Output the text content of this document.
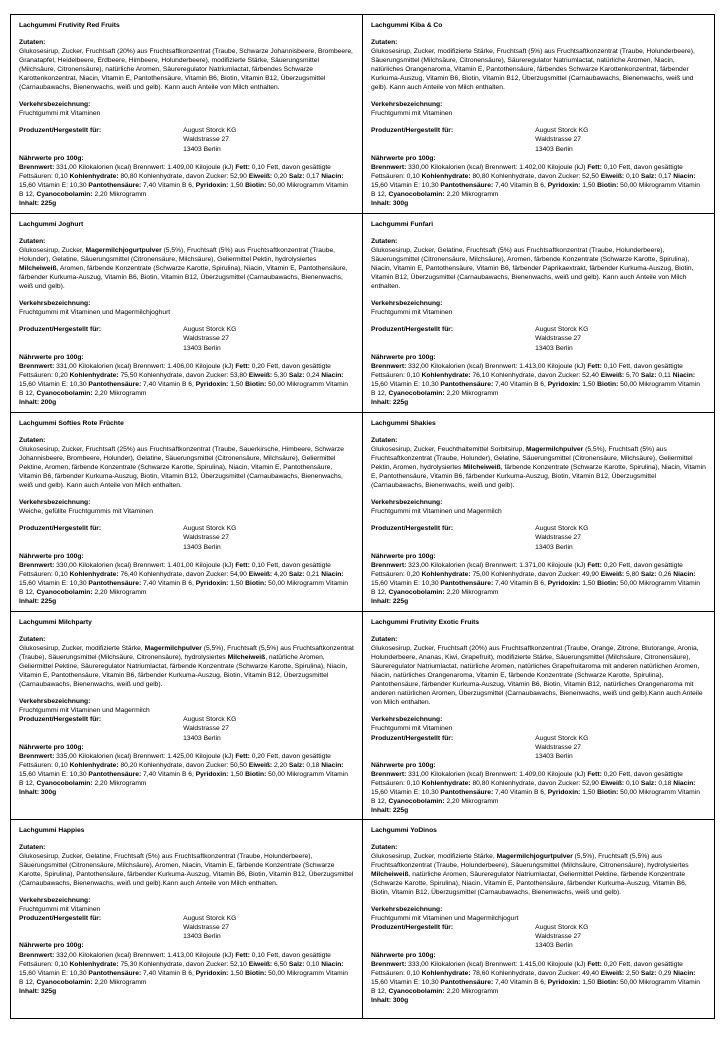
Lachgummi Frutivity Red Fruits
Zutaten:
Glukosesirup, Zucker, Fruchtsaft (20%) aus Fruchtsaftkonzentrat (Traube, Schwarze Johannisbeere, Brombeere, Granatapfel, Heidelbeere, Erdbeere, Himbeere, Holunderbeere), modifizierte Stärke, Säuerungsmittel (Milchsäure, Citronensäure), natürliche Aromen, Säureregulator Natriumlactat, färbendes Schwarze Karottenkonzentrat, Niacin, Vitamin E, Pantothensäure, Vitamin B6, Biotin, Vitamin B12, Überzugsmittel (Carnaubawachs, Bienenwachs, weiß und gelb). Kann auch Anteile von Milch enthalten.
Verkehrsbezeichnung:
Fruchtgummi mit Vitaminen
Produzent/Hergestellt für:	August Storck KG
Waldstrasse 27
13403 Berlin
Nährwerte pro 100g:
Brennwert: 331,00 Kilokalorien (kcal) Brennwert: 1.409,00 Kilojoule (kJ) Fett: 0,10 Fett, davon gesättigte Fettsäuren: 0,10 Kohlenhydrate: 80,80 Kohlenhydrate, davon Zucker: 52,90 Eiweiß: 0,20 Salz: 0,17 Niacin: 15,60 Vitamin E: 10,30 Pantothensäure: 7,40 Vitamin B 6, Pyridoxin: 1,50 Biotin: 50,00 Mikrogramm Vitamin B 12, Cyanocobolamin: 2,20 Mikrogramm
Inhalt: 225g
Lachgummi Kiba & Co
Zutaten:
Glukosesirup, Zucker, modifizierte Stärke, Fruchtsaft (5%) aus Fruchtsaftkonzentrat (Traube, Holunderbeere), Säuerungsmittel (Milchsäure, Citronensäure), Säureregulator Natriumlactat, natürliche Aromen, Niacin, natürliches Orangenaroma, Vitamin E, Pantothensäure, färbendes Schwarze Karottenkonzentrat, färbender Kurkuma-Auszug, Vitamin B6, Biotin, Vitamin B12, Überzugsmittel (Carnaubawachs, Bienenwachs, weiß und gelb). Kann auch Anteile von Milch enthalten.
Verkehrsbezeichnung:
Fruchtgummi mit Vitaminen
Produzent/Hergestellt für:	August Storck KG
Waldstrasse 27
13403 Berlin
Nährwerte pro 100g:
Brennwert: 330,00 Kilokalorien (kcal) Brennwert: 1.402,00 Kilojoule (kJ) Fett: 0,10 Fett, davon gesättigte Fettsäuren: 0,10 Kohlenhydrate: 80,80 Kohlenhydrate, davon Zucker: 52,50 Eiweiß: 0,10 Salz: 0,17 Niacin: 15,60 Vitamin E: 10,30 Pantothensäure: 7,40 Vitamin B 6, Pyridoxin: 1,50 Biotin: 50,00 Mikrogramm Vitamin B 12, Cyanocobolamin: 2,20 Mikrogramm
Inhalt: 300g
Lachgummi Joghurt
Zutaten:
Glukosesirup, Zucker, Magermilchjogurtpulver (5,5%), Fruchtsaft (5%) aus Fruchtsaftkonzentrat (Traube, Holunder), Gelatine, Säuerungsmittel (Citronensäure, Milchsäure), Geliermittel Pektin, hydrolysiertes Milcheiweiß, Aromen, färbende Konzentrate (Schwarze Karotte, Spirulina), Niacin, Vitamin E, Pantothensäure, färbender Kurkuma-Auszug, Vitamin B6, Biotin, Vitamin B12, Überzugsmittel (Carnaubawachs, Bienenwachs, weiß und gelb).
Verkehrsbezeichnung:
Fruchtgummi mit Vitaminen und Magermilchjoghurt
Produzent/Hergestellt für:	August Storck KG
Waldstrasse 27
13403 Berlin
Nährwerte pro 100g:
Brennwert: 331,00 Kilokalorien (kcal) Brennwert: 1.406,00 Kilojoule (kJ) Fett: 0,20 Fett, davon gesättigte Fettsäuren: 0,20 Kohlenhydrate: 75,50 Kohlenhydrate, davon Zucker: 53,80 Eiweiß: 5,30 Salz: 0,24 Niacin: 15,60 Vitamin E: 10,30 Pantothensäure: 7,40 Vitamin B 6, Pyridoxin: 1,50 Biotin: 50,00 Mikrogramm Vitamin B 12, Cyanocobolamin: 2,20 Mikrogramm
Inhalt: 200g
Lachgummi Funfari
Zutaten:
Glukosesirup, Zucker, Gelatine, Fruchtsaft (5%) aus Fruchtsaftkonzentrat (Traube, Holunderbeere), Säuerungsmittel (Citronensäure, Milchsäure), Aromen, färbende Konzentrate (Schwarze Karotte, Spirulina), Niacin, Vitamin E, Pantothensäure, Vitamin B6, färbender Paprikaextrakt, färbender Kurkuma-Auszug, Biotin, Vitamin B12, Überzugsmittel (Carnaubawachs, Bienenwachs, weiß und gelb). Kann auch Anteile von Milch enthalten.
Verkehrsbezeichnung:
Fruchtgummi mit Vitaminen
Produzent/Hergestellt für:	August Storck KG
Waldstrasse 27
13403 Berlin
Nährwerte pro 100g:
Brennwert: 332,00 Kilokalorien (kcal) Brennwert: 1.413,00 Kilojoule (kJ) Fett: 0,10 Fett, davon gesättigte Fettsäuren: 0,10 Kohlenhydrate: 76,10 Kohlenhydrate, davon Zucker: 52,40 Eiweiß: 5,70 Salz: 0,11 Niacin: 15,60 Vitamin E: 10,30 Pantothensäure: 7,40 Vitamin B 6, Pyridoxin: 1,50 Biotin: 50,00 Mikrogramm Vitamin B 12, Cyanocobolamin: 2,20 Mikrogramm
Inhalt: 225g
Lachgummi Softies Rote Früchte
Zutaten:
Glukosesirup, Zucker, Fruchtsaft (25%) aus Fruchtsaftkonzentrat (Traube, Sauerkirsche, Himbeere, Schwarze Johannisbeere, Brombeere, Holunder), Gelatine, Säuerungsmittel (Citronensäure, Milchsäure), Geliermittel Pektine, Aromen, färbende Konzentrate (Schwarze Karotte, Spirulina), Niacin, Vitamin E, Pantothensäure, Vitamin B6, färbender Kurkuma-Auszug, Biotin, Vitamin B12, Überzugsmittel (Carnaubawachs, Bienenwachs, weiß und gelb). Kann auch Anteile von Milch enthalten.
Verkehrsbezeichnung:
Weiche, gefüllte Fruchtgummis mit Vitaminen
Produzent/Hergestellt für:	August Storck KG
Waldstrasse 27
13403 Berlin
Nährwerte pro 100g:
Brennwert: 330,00 Kilokalorien (kcal) Brennwert: 1.401,00 Kilojoule (kJ) Fett: 0,10 Fett, davon gesättigte Fettsäuren: 0,10 Kohlenhydrate: 76,40 Kohlenhydrate, davon Zucker: 54,90 Eiweiß: 4,20 Salz: 0,21 Niacin: 15,60 Vitamin E: 10,30 Pantothensäure: 7,40 Vitamin B 6, Pyridoxin: 1,50 Biotin: 50,00 Mikrogramm Vitamin B 12, Cyanocobolamin: 2,20 Mikrogramm
Inhalt: 225g
Lachgummi Shakies
Zutaten:
Glukosesirup, Zucker, Feuchthaltemittel Sorbitsirup, Magermilchpulver (5,5%), Fruchtsaft (5%) aus Fruchtsaftkonzentrat (Traube, Holunder), Gelatine, Säuerungsmittel (Citronensäure, Milchsäure), Geliermittel Pektin, Aromen, hydrolysiertes Milcheiweiß, färbende Konzentrate (Schwarze Karotte, Spirulina), Niacin, Vitamin E, Pantothensäure, Vitamin B6, färbender Kurkuma-Auszug, Biotin, Vitamin B12, Überzugsmittel (Carnaubawachs, Bienenwachs, weiß und gelb).
Verkehrsbezeichnung:
Fruchtgummi mit Vitaminen und Magermilch
Produzent/Hergestellt für:	August Storck KG
Waldstrasse 27
13403 Berlin
Nährwerte pro 100g:
Brennwert: 323,00 Kilokalorien (kcal) Brennwert: 1.371,00 Kilojoule (kJ) Fett: 0,20 Fett, davon gesättigte Fettsäuren: 0,20 Kohlenhydrate: 75,00 Kohlenhydrate, davon Zucker: 49,90 Eiweiß: 5,80 Salz: 0,26 Niacin: 15,60 Vitamin E: 10,30 Pantothensäure: 7,40 Vitamin B 6, Pyridoxin: 1,50 Biotin: 50,00 Mikrogramm Vitamin B 12, Cyanocobolamin: 2,20 Mikrogramm
Inhalt: 225g
Lachgummi Milchparty
Zutaten:
Glukosesirup, Zucker, modifizierte Stärke, Magermilchpulver (5,5%), Fruchtsaft (5,5%) aus Fruchtsaftkonzentrat (Traube), Säuerungsmittel (Milchsäure, Citronensäure), hydrolysiertes Milcheiweiß, natürliche Aromen, Geliermittel Pektine, Säureregulator Natriumlactat, färbende Konzentrate (Schwarze Karotte, Spirulina), Niacin, Vitamin E, Pantothensäure, Vitamin B6, färbender Kurkuma-Auszug, Biotin, Vitamin B12, Überzugsmittel (Carnaubawachs, Bienenwachs, weiß und gelb).
Verkehrsbezeichnung:
Fruchtgummi mit Vitaminen und Magermilch
Produzent/Hergestellt für:	August Storck KG
Waldstrasse 27
13403 Berlin
Nährwerte pro 100g:
Brennwert: 335,00 Kilokalorien (kcal) Brennwert: 1.425,00 Kilojoule (kJ) Fett: 0,20 Fett, davon gesättigte Fettsäuren: 0,10 Kohlenhydrate: 80,20 Kohlenhydrate, davon Zucker: 50,50 Eiweiß: 2,20 Salz: 0,18 Niacin: 15,60 Vitamin E: 10,30 Pantothensäure: 7,40 Vitamin B 6, Pyridoxin: 1,50 Biotin: 50,00 Mikrogramm Vitamin B 12, Cyanocobolamin: 2,20 Mikrogramm
Inhalt: 300g
Lachgummi Frutivity Exotic Fruits
Zutaten:
Glukosesirup, Zucker, Fruchtsaft (20%) aus Fruchtsaftkonzentrat (Traube, Orange, Zitrone, Blutorange, Aronia, Holunderbeere, Ananas, Kiwi, Grapefruit), modifizierte Stärke, Säuerungsmittel (Milchsäure, Citronensäure), Säureregulator Natriumlactat, natürliche Aromen, natürliches Grapefruitaroma mit anderen natürlichen Aromen, Niacin, natürliches Orangenaroma, Vitamin E, färbende Konzentrate (Schwarze Karotte, Spirulina), Pantothensäure, färbender Kurkuma-Auszug, Vitamin B6, Biotin, Vitamin B12, natürliches Orangenaroma mit anderen natürlichen Aromen, Überzugsmittel (Carnaubawachs, Bienenwachs, weiß und gelb).Kann auch Anteile von Milch enthalten.
Verkehrsbezeichnung:
Fruchtgummi mit Vitaminen
Produzent/Hergestellt für:	August Storck KG
Waldstrasse 27
13403 Berlin
Nährwerte pro 100g:
Brennwert: 331,00 Kilokalorien (kcal) Brennwert: 1.409,00 Kilojoule (kJ) Fett: 0,20 Fett, davon gesättigte Fettsäuren: 0,10 Kohlenhydrate: 80,80 Kohlenhydrate, davon Zucker: 52,90 Eiweiß: 0,10 Salz: 0,18 Niacin: 15,60 Vitamin E: 10,30 Pantothensäure: 7,40 Vitamin B 6, Pyridoxin: 1,50 Biotin: 50,00 Mikrogramm Vitamin B 12, Cyanocobolamin: 2,20 Mikrogramm
Inhalt: 225g
Lachgummi Happies
Zutaten:
Glukosesirup, Zucker, Gelatine, Fruchtsaft (5%) aus Fruchtsaftkonzentrat (Traube, Holunderbeere), Säuerungsmittel (Citronensäure, Milchsäure), Aromen, Niacin, Vitamin E, färbende Konzentrate (Schwarze Karotte, Spirulina), Pantothensäure, färbender Kurkuma-Auszug, Vitamin B6, Biotin, Vitamin B12, Überzugsmittel (Carnaubawachs, Bienenwachs, weiß und gelb).Kann auch Anteile von Milch enthalten.
Verkehrsbezeichnung:
Fruchtgummi mit Vitaminen
Produzent/Hergestellt für:	August Storck KG
Waldstrasse 27
13403 Berlin
Nährwerte pro 100g:
Brennwert: 332,00 Kilokalorien (kcal) Brennwert: 1.413,00 Kilojoule (kJ) Fett: 0,10 Fett, davon gesättigte Fettsäuren: 0,10 Kohlenhydrate: 75,30 Kohlenhydrate, davon Zucker: 52,10 Eiweiß: 6,50 Salz: 0,10 Niacin: 15,60 Vitamin E: 10,30 Pantothensäure: 7,40 Vitamin B 6, Pyridoxin: 1,50 Biotin: 50,00 Mikrogramm Vitamin B 12, Cyanocobolamin: 2,20 Mikrogramm
Inhalt: 325g
Lachgummi YoDinos
Zutaten:
Glukosesirup, Zucker, modifizierte Stärke, Magermilchjogurtpulver (5,5%), Fruchtsaft (5,5%) aus Fruchtsaftkonzentrat (Traube, Holunderbeere), Säuerungsmittel (Milchsäure, Citronensäure), hydrolysiertes Milcheiweiß, natürliche Aromen, Säureregulator Natriumlactat, Geliermittel Pektine, färbende Konzentrate (Schwarze Karotte, Spirulina), Niacin, Vitamin E, Pantothensäure, färbender Kurkuma-Auszug, Vitamin B6, Biotin, Vitamin B12, Überzugsmittel (Carnaubawachs, Bienenwachs, weiß und gelb).
Verkehrsbezeichnung:
Fruchtgummi mit Vitaminen und Magermilchjogurt
Produzent/Hergestellt für:	August Storck KG
Waldstrasse 27
13403 Berlin
Nährwerte pro 100g:
Brennwert: 333,00 Kilokalorien (kcal) Brennwert: 1.415,00 Kilojoule (kJ) Fett: 0,20 Fett, davon gesättigte Fettsäuren: 0,10 Kohlenhydrate: 78,60 Kohlenhydrate, davon Zucker: 49,40 Eiweiß: 2,50 Salz: 0,29 Niacin: 15,60 Vitamin E: 10,30 Pantothensäure: 7,40 Vitamin B 6, Pyridoxin: 1,50 Biotin: 50,00 Mikrogramm Vitamin B 12, Cyanocobolamin: 2,20 Mikrogramm
Inhalt: 300g
